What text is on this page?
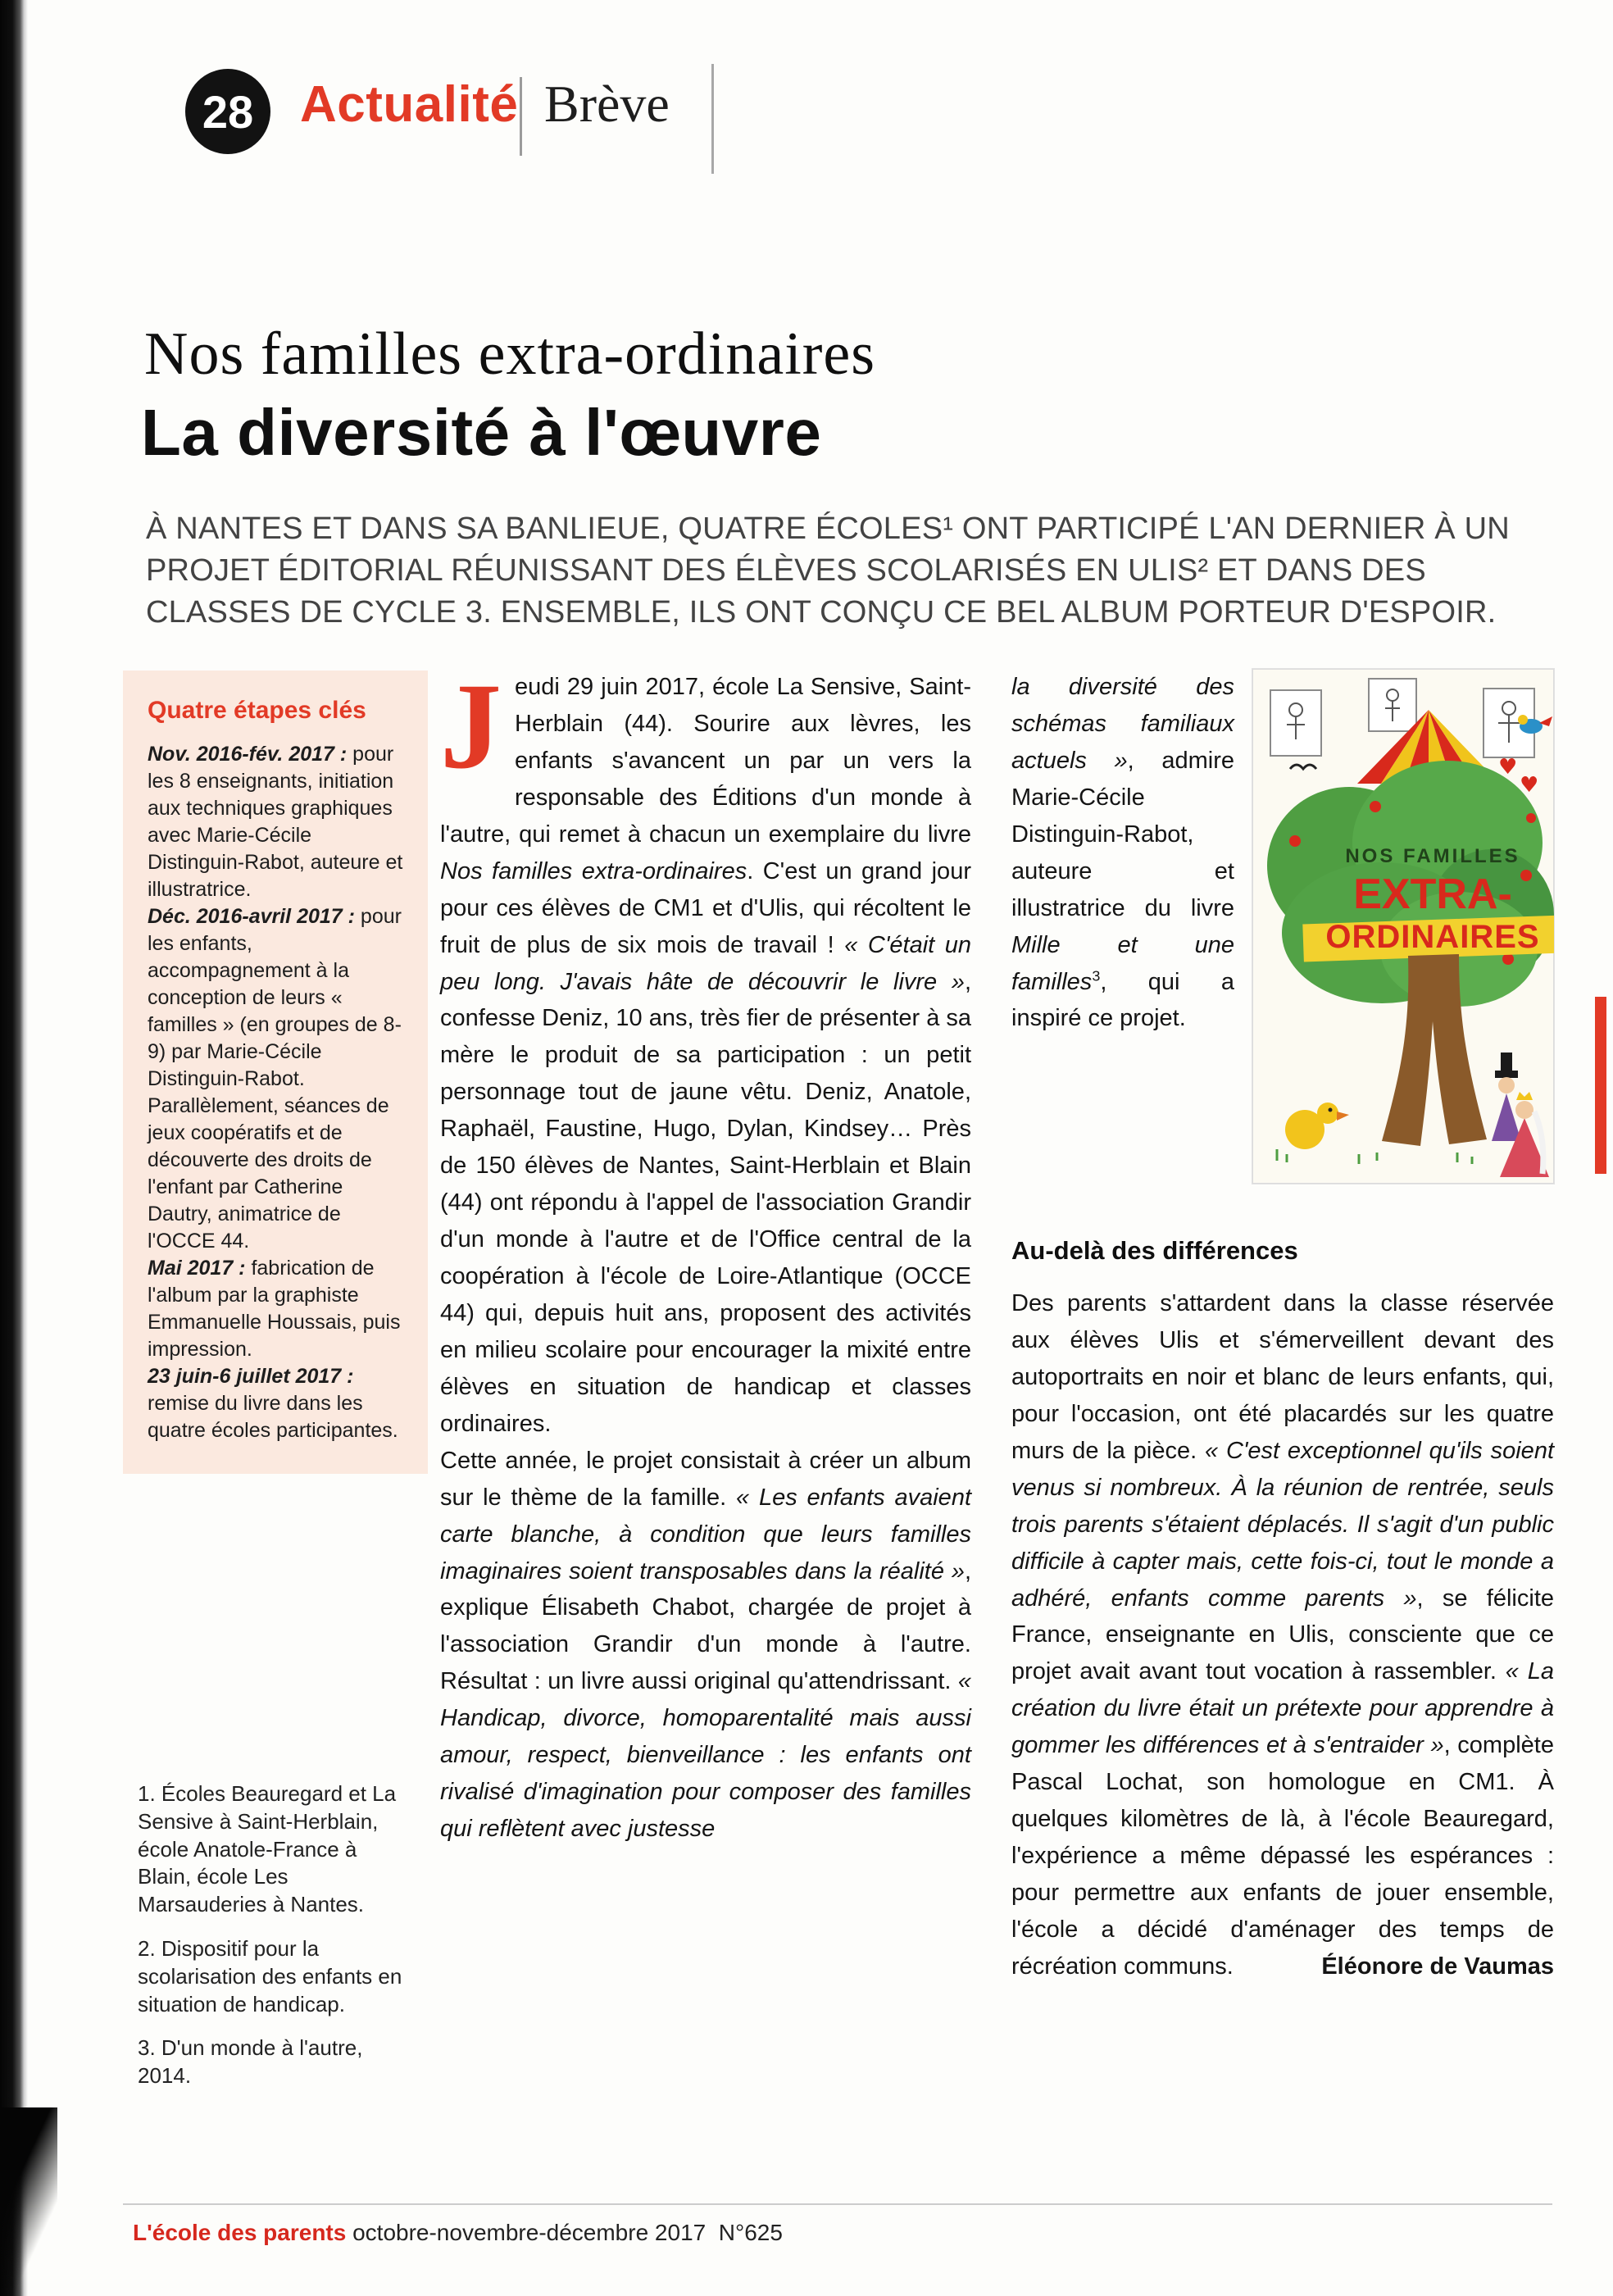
28 Actualité Brève
Nos familles extra-ordinaires
La diversité à l'œuvre
À NANTES ET DANS SA BANLIEUE, QUATRE ÉCOLES¹ ONT PARTICIPÉ L'AN DERNIER À UN PROJET ÉDITORIAL RÉUNISSANT DES ÉLÈVES SCOLARISÉS EN ULIS² ET DANS DES CLASSES DE CYCLE 3. ENSEMBLE, ILS ONT CONÇU CE BEL ALBUM PORTEUR D'ESPOIR.

Quatre étapes clés

Nov. 2016-fév. 2017 : pour les 8 enseignants, initiation aux techniques graphiques avec Marie-Cécile Distinguin-Rabot, auteure et illustratrice.

Déc. 2016-avril 2017 : pour les enfants, accompagnement à la conception de leurs « familles » (en groupes de 8-9) par Marie-Cécile Distinguin-Rabot. Parallèlement, séances de jeux coopératifs et de découverte des droits de l'enfant par Catherine Dautry, animatrice de l'OCCE 44.

Mai 2017 : fabrication de l'album par la graphiste Emmanuelle Houssais, puis impression.

23 juin-6 juillet 2017 : remise du livre dans les quatre écoles participantes.

1. Écoles Beauregard et La Sensive à Saint-Herblain, école Anatole-France à Blain, école Les Marsauderies à Nantes.

2. Dispositif pour la scolarisation des enfants en situation de handicap.

3. D'un monde à l'autre, 2014.

Jeudi 29 juin 2017, école La Sensive, Saint-Herblain (44). Sourire aux lèvres, les enfants s'avancent un par un vers la responsable des Éditions d'un monde à l'autre, qui remet à chacun un exemplaire du livre Nos familles extra-ordinaires. C'est un grand jour pour ces élèves de CM1 et d'Ulis, qui récoltent le fruit de plus de six mois de travail ! « C'était un peu long. J'avais hâte de découvrir le livre », confesse Deniz, 10 ans, très fier de présenter à sa mère le produit de sa participation : un petit personnage tout de jaune vêtu. Deniz, Anatole, Raphaël, Faustine, Hugo, Dylan, Kindsey… Près de 150 élèves de Nantes, Saint-Herblain et Blain (44) ont répondu à l'appel de l'association Grandir d'un monde à l'autre et de l'Office central de la coopération à l'école de Loire-Atlantique (OCCE 44) qui, depuis huit ans, proposent des activités en milieu scolaire pour encourager la mixité entre élèves en situation de handicap et classes ordinaires.

Cette année, le projet consistait à créer un album sur le thème de la famille. « Les enfants avaient carte blanche, à condition que leurs familles imaginaires soient transposables dans la réalité », explique Élisabeth Chabot, chargée de projet à l'association Grandir d'un monde à l'autre. Résultat : un livre aussi original qu'attendrissant. « Handicap, divorce, homoparentalité mais aussi amour, respect, bienveillance : les enfants ont rivalisé d'imagination pour composer des familles qui reflètent avec justesse

♥
♥
NOS FAMILLES
EXTRA-
ORDINAIRES

la diversité des schémas familiaux actuels », admire Marie-Cécile Distinguin-Rabot, auteure et illustratrice du livre Mille et une familles$^3$, qui a inspiré ce projet.

Au-delà des différences

Des parents s'attardent dans la classe réservée aux élèves Ulis et s'émerveillent devant des autoportraits en noir et blanc de leurs enfants, qui, pour l'occasion, ont été placardés sur les quatre murs de la pièce. « C'est exceptionnel qu'ils soient venus si nombreux. À la réunion de rentrée, seuls trois parents s'étaient déplacés. Il s'agit d'un public difficile à capter mais, cette fois-ci, tout le monde a adhéré, enfants comme parents », se félicite France, enseignante en Ulis, consciente que ce projet avait avant tout vocation à rassembler. « La création du livre était un prétexte pour apprendre à gommer les différences et à s'entraider », complète Pascal Lochat, son homologue en CM1. À quelques kilomètres de là, à l'école Beauregard, l'expérience a même dépassé les espérances : pour permettre aux enfants de jouer ensemble, l'école a décidé d'aménager des temps de récréation communs.	Éléonore de Vaumas

L'école des parents octobre-novembre-décembre 2017 N°625
